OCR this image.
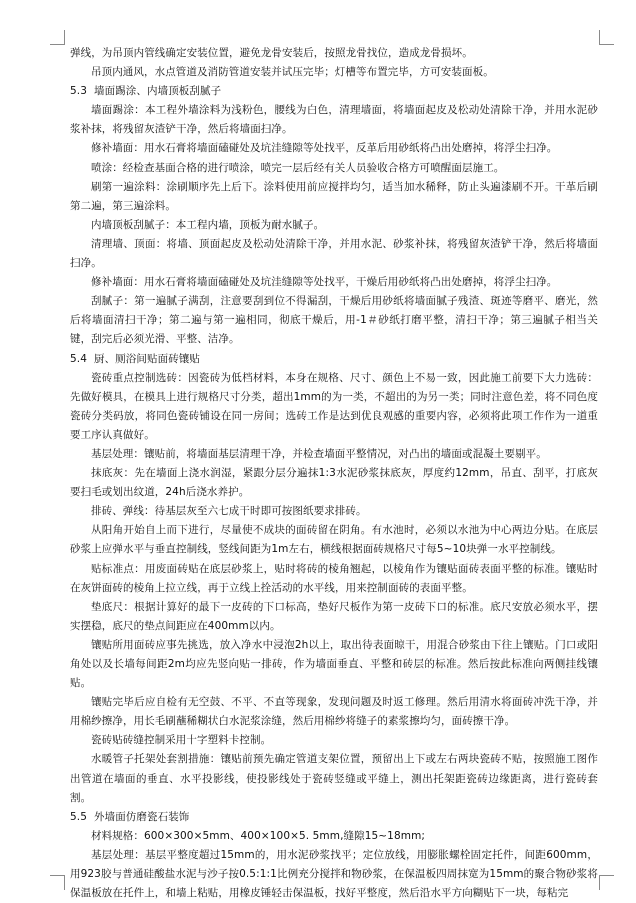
弹线，为吊顶内管线确定安装位置，避免龙骨安装后，按照龙骨找位，造成龙骨损坏。

吊顶内通风，水点管道及消防管道安装并试压完毕；灯槽等布置完毕，方可安装面板。

5.3 墙面踢涂、内墙顶板刮腻子

墙面踢涂：本工程外墙涂料为浅粉色，腰线为白色，清理墙面，将墙面起皮及松动处清除干净，并用水泥砂浆补抹，将残留灰渣铲干净，然后将墙面扫净。

修补墙面：用水石膏将墙面磕碰处及坑洼缝隙等处找平，反革后用砂纸将凸出处磨掉，将浮尘扫净。

喷涂：经检查基面合格的进行喷涂，喷完一层后经有关人员验收合格方可喷醒面层施工。

刷第一遍涂料：涂刷顺序先上后下。涂料使用前应搅拌均匀，适当加水稀释，防止头遍漆刷不开。干革后刷第二遍，第三遍涂料。

内墙顶板刮腻子：本工程内墙，顶板为耐水腻子。

清理墙、顶面：将墙、顶面起皮及松动处清除干净，并用水泥、砂浆补抹，将残留灰渣铲干净，然后将墙面扫净。

修补墙面：用水石膏将墙面磕碰处及坑洼缝隙等处找平，干燥后用砂纸将凸出处磨掉，将浮尘扫净。

刮腻子：第一遍腻子满刮，注意要刮到位不得漏刮，干燥后用砂纸将墙面腻子残渣、斑迹等磨平、磨光，然后将墙面清扫干净；第二遍与第一遍相同，彻底干燥后，用-1＃砂纸打磨平整，清扫干净；第三遍腻子相当关键，刮完后必须光滑、平整、洁净。

5.4 厨、厕浴间贴面砖镶贴

瓷砖重点控制选砖：因瓷砖为低档材料，本身在规格、尺寸、颜色上不易一致，因此施工前要下大力选砖：先做好模具，在模具上进行规格尺寸分类，超出1mm的为一类，不超出的为另一类；同时注意色差，将不同色度瓷砖分类码放，将同色瓷砖铺设在同一房间；选砖工作是达到优良观感的重要内容，必须将此项工作作为一道重要工序认真做好。

基层处理：镶贴前，将墙面基层清理干净，并检查墙面平整情况，对凸出的墙面或混凝土要剔平。

抹底灰：先在墙面上浇水润湿，紧跟分层分遍抹1:3水泥砂浆抹底灰，厚度约12mm，吊直、刮平，打底灰要扫毛或划出纹道，24h后浇水养护。

排砖、弹线：待基层灰至六七成干时即可按图纸要求排砖。

从阳角开始自上而下进行，尽量使不成块的面砖留在阴角。有水池时，必须以水池为中心两边分贴。在底层砂浆上应弹水平与垂直控制线，竖线间距为1m左右，横线根据面砖规格尺寸每5~10块弹一水平控制线。

贴标准点：用废面砖贴在底层砂浆上，贴时将砖的棱角翘起，以棱角作为镶贴面砖表面平整的标准。镶贴时在灰饼面砖的棱角上拉立线，再于立线上拴活动的水平线，用来控制面砖的表面平整。

垫底尺：根据计算好的最下一皮砖的下口标高，垫好尺板作为第一皮砖下口的标准。底尺安放必须水平，摆实摆稳，底尺的垫点间距应在400mm以内。

镶贴所用面砖应事先挑选，放入净水中浸泡2h以上，取出待表面晾干，用混合砂浆由下往上镶贴。门口或阳角处以及长墙每间距2m均应先竖向贴一排砖，作为墙面垂直、平整和砖层的标准。然后按此标准向两侧挂线镶贴。

镶贴完毕后应自检有无空鼓、不平、不直等现象，发现问题及时返工修理。然后用清水将面砖冲洗干净，并用棉纱擦净，用长毛刷蘸稀糊状白水泥浆涂缝，然后用棉纱将缝子的素浆擦均匀，面砖擦干净。

瓷砖贴砖缝控制采用十字塑料卡控制。

水暖管子托架处套割措施：镶贴前预先确定管道支架位置，预留出上下或左右两块瓷砖不贴，按照施工图作出管道在墙面的垂直、水平投影线，使投影线处于瓷砖竖缝或平缝上，测出托架距瓷砖边缘距离，进行瓷砖套割。

5.5 外墙面仿磨瓷石装饰

材料规格：600×300×5mm、400×100×5. 5mm,缝隙15~18mm;

基层处理：基层平整度超过15mm的，用水泥砂浆找平；定位放线，用膨胀螺栓固定托件，间距600mm，用923胶与普通硅酸盐水泥与沙子按0.5:1:1比例充分搅拌和物砂浆，在保温板四周抹宽为15mm的聚合物砂浆将保温板放在托件上，和墙上粘贴，用橡皮锤轻击保温板，找好平整度，然后沿水平方向糊贴下一块，每粘完
